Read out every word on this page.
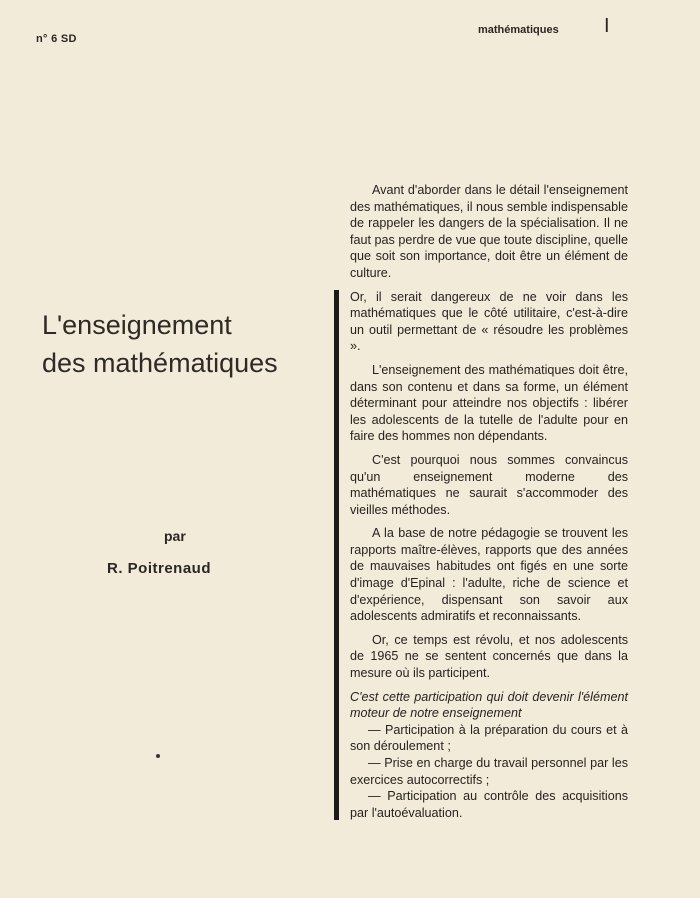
n° 6 SD
mathématiques I
L'enseignement
des mathématiques
par
R. Poitrenaud

Avant d'aborder dans le détail l'enseignement des mathématiques, il nous semble indispensable de rappeler les dangers de la spécialisation. Il ne faut pas perdre de vue que toute discipline, quelle que soit son importance, doit être un élément de culture.

Or, il serait dangereux de ne voir dans les mathématiques que le côté utilitaire, c'est-à-dire un outil permettant de « résoudre les problèmes ».

L'enseignement des mathématiques doit être, dans son contenu et dans sa forme, un élément déterminant pour atteindre nos objectifs : libérer les adolescents de la tutelle de l'adulte pour en faire des hommes non dépendants.

C'est pourquoi nous sommes convaincus qu'un enseignement moderne des mathématiques ne saurait s'accommoder des vieilles méthodes.

A la base de notre pédagogie se trouvent les rapports maître-élèves, rapports que des années de mauvaises habitudes ont figés en une sorte d'image d'Epinal : l'adulte, riche de science et d'expérience, dispensant son savoir aux adolescents admiratifs et reconnaissants.

Or, ce temps est révolu, et nos adolescents de 1965 ne se sentent concernés que dans la mesure où ils participent.

C'est cette participation qui doit devenir l'élément moteur de notre enseignement

— Participation à la préparation du cours et à son déroulement ;

— Prise en charge du travail personnel par les exercices autocorrectifs ;

— Participation au contrôle des acquisitions par l'autoévaluation.
